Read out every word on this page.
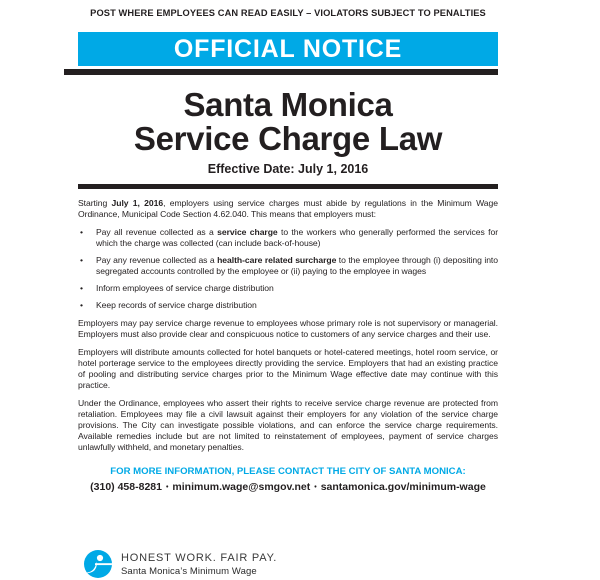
POST WHERE EMPLOYEES CAN READ EASILY – VIOLATORS SUBJECT TO PENALTIES
OFFICIAL NOTICE
Santa Monica
Service Charge Law
Effective Date: July 1, 2016

Starting July 1, 2016, employers using service charges must abide by regulations in the Minimum Wage Ordinance, Municipal Code Section 4.62.040. This means that employers must:

• Pay all revenue collected as a service charge to the workers who generally performed the services for which the charge was collected (can include back-of-house)
• Pay any revenue collected as a health-care related surcharge to the employee through (i) depositing into segregated accounts controlled by the employee or (ii) paying to the employee in wages
• Inform employees of service charge distribution
• Keep records of service charge distribution

Employers may pay service charge revenue to employees whose primary role is not supervisory or managerial. Employers must also provide clear and conspicuous notice to customers of any service charges and their use.

Employers will distribute amounts collected for hotel banquets or hotel-catered meetings, hotel room service, or hotel porterage service to the employees directly providing the service. Employers that had an existing practice of pooling and distributing service charges prior to the Minimum Wage effective date may continue with this practice.

Under the Ordinance, employees who assert their rights to receive service charge revenue are protected from retaliation. Employees may file a civil lawsuit against their employers for any violation of the service charge provisions. The City can investigate possible violations, and can enforce the service charge requirements. Available remedies include but are not limited to reinstatement of employees, payment of service charges unlawfully withheld, and monetary penalties.

FOR MORE INFORMATION, PLEASE CONTACT THE CITY OF SANTA MONICA:
(310) 458-8281 • minimum.wage@smgov.net • santamonica.gov/minimum-wage
HONEST WORK. FAIR PAY.
Santa Monica’s Minimum Wage
